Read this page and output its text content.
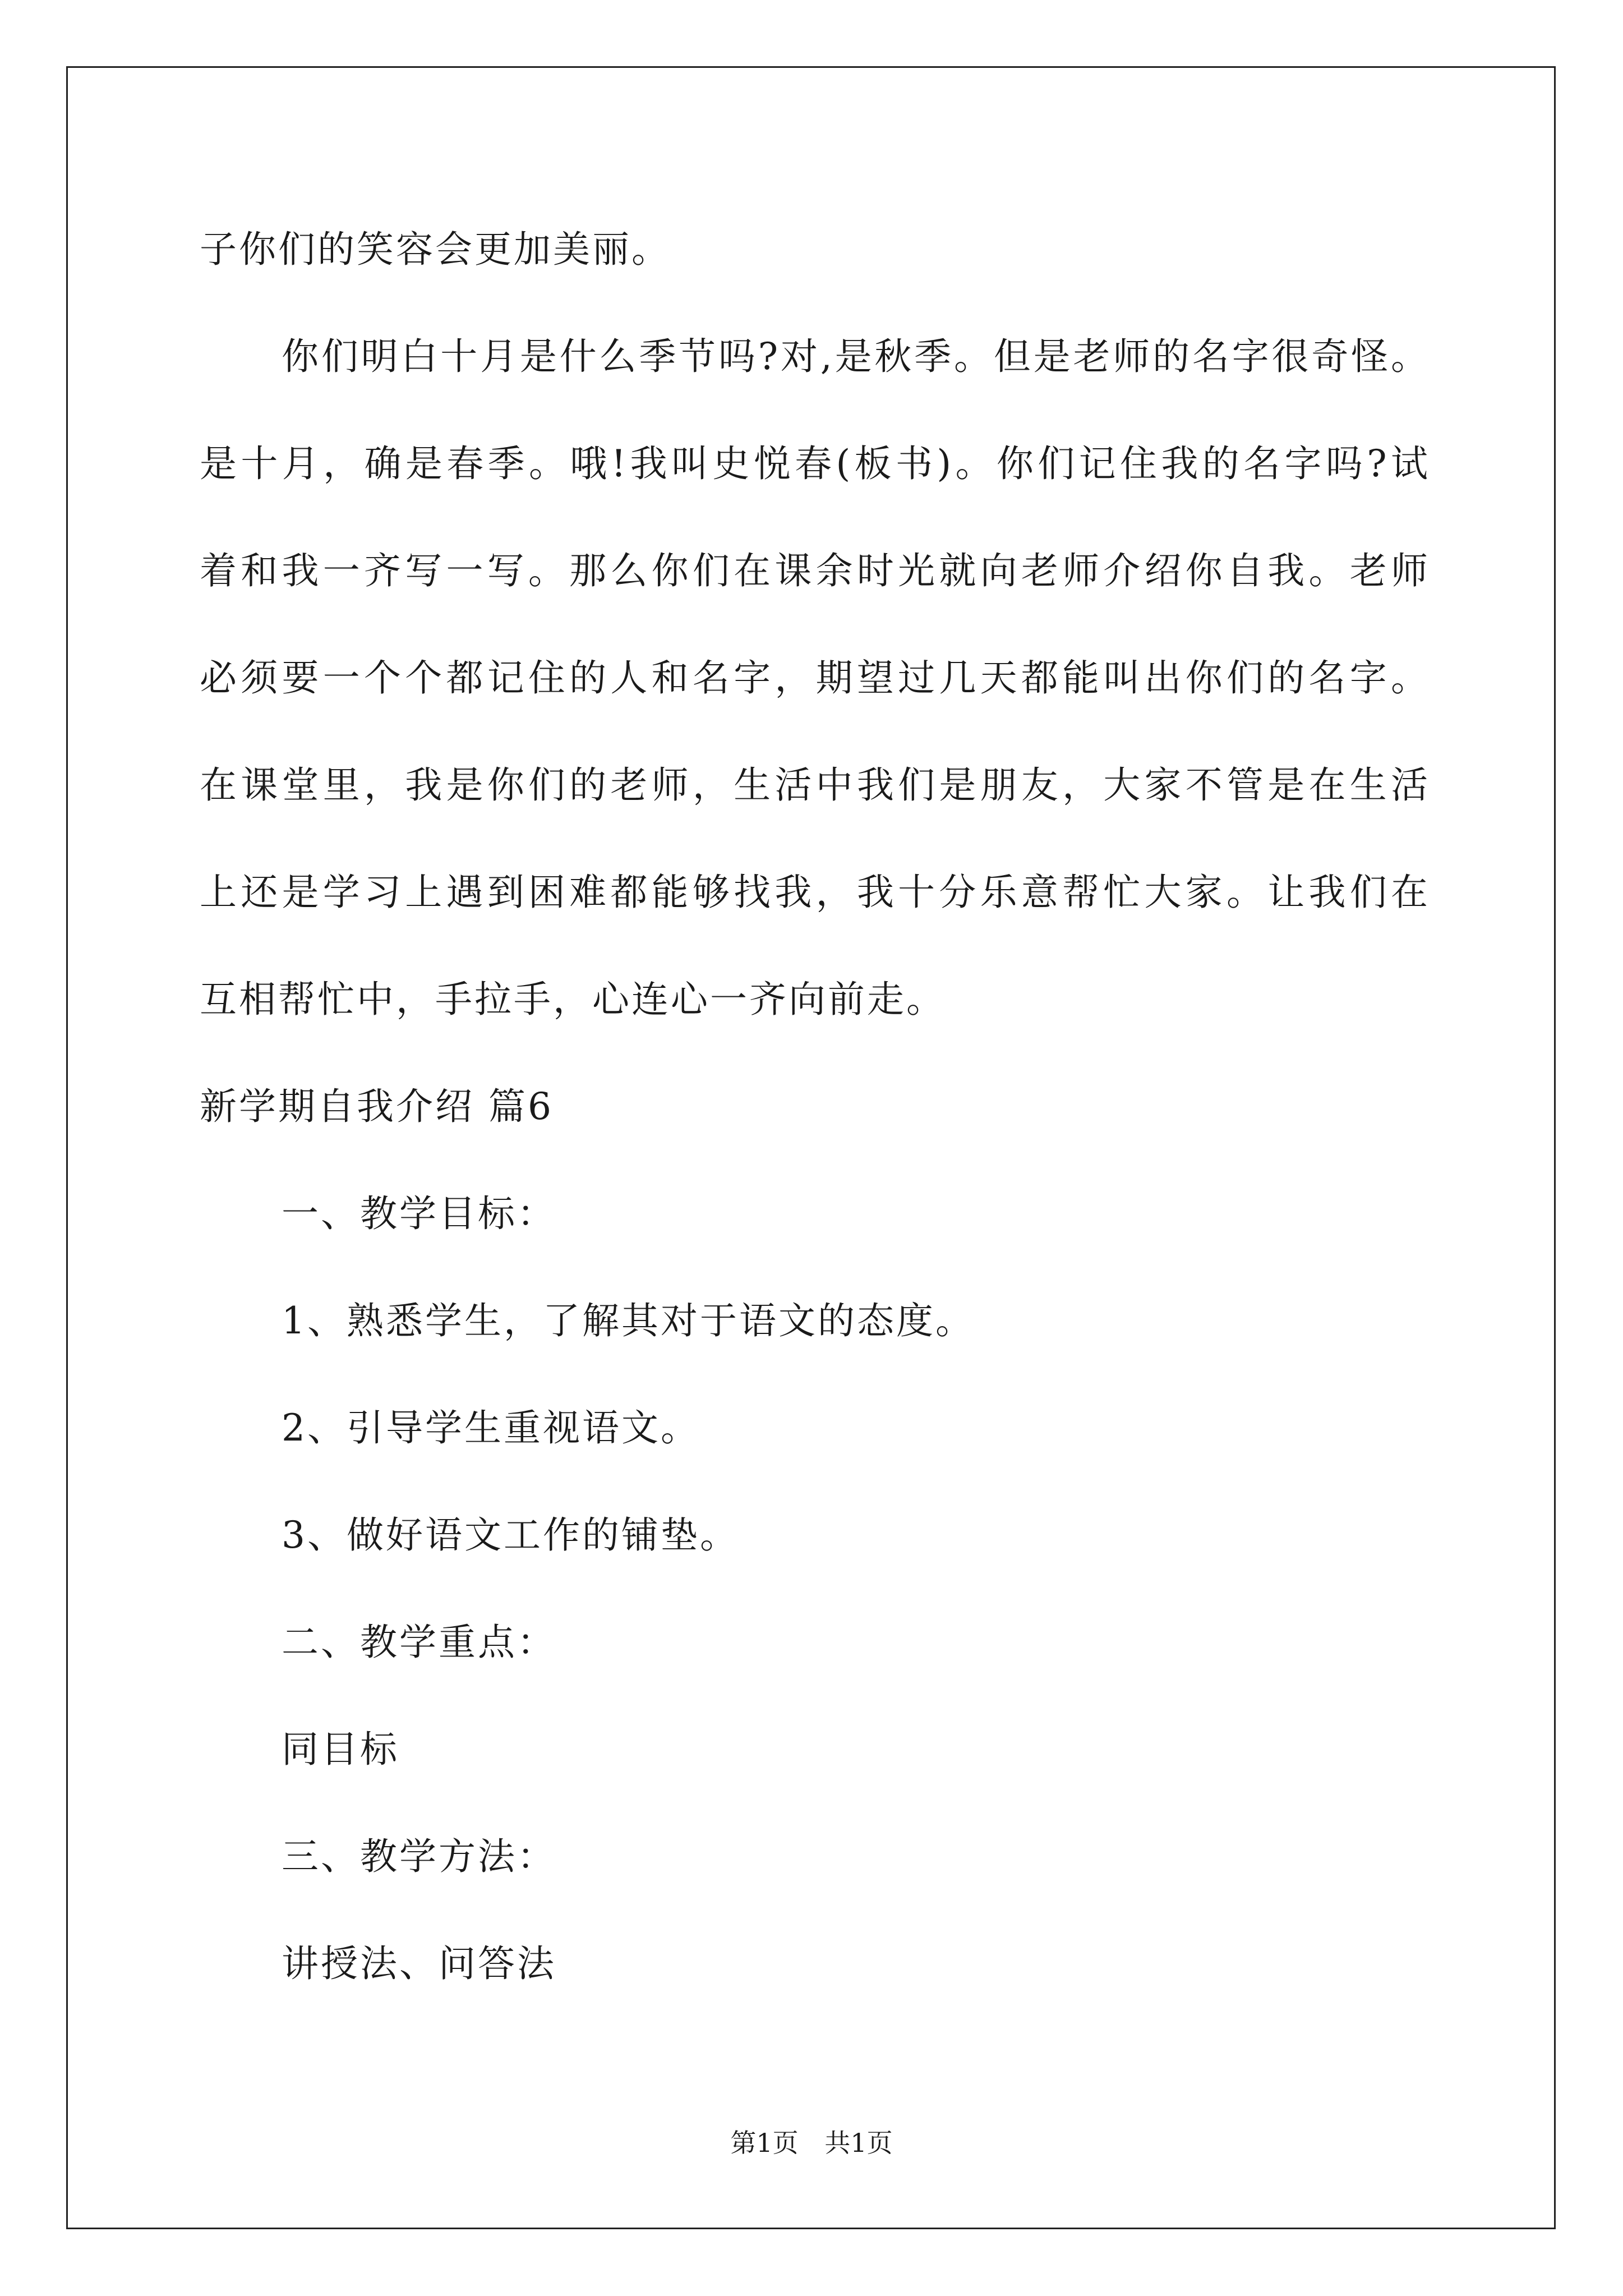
子你们的笑容会更加美丽。
你们明白十月是什么季节吗?对,是秋季。但是老师的名字很奇怪。
是十月，确是春季。哦!我叫史悦春(板书)。你们记住我的名字吗?试
着和我一齐写一写。那么你们在课余时光就向老师介绍你自我。老师
必须要一个个都记住的人和名字，期望过几天都能叫出你们的名字。
在课堂里，我是你们的老师，生活中我们是朋友，大家不管是在生活
上还是学习上遇到困难都能够找我，我十分乐意帮忙大家。让我们在
互相帮忙中，手拉手，心连心一齐向前走。
新学期自我介绍 篇6
一、教学目标：
1、熟悉学生，了解其对于语文的态度。
2、引导学生重视语文。
3、做好语文工作的铺垫。
二、教学重点：
同目标
三、教学方法：
讲授法、问答法
第1页 共1页
